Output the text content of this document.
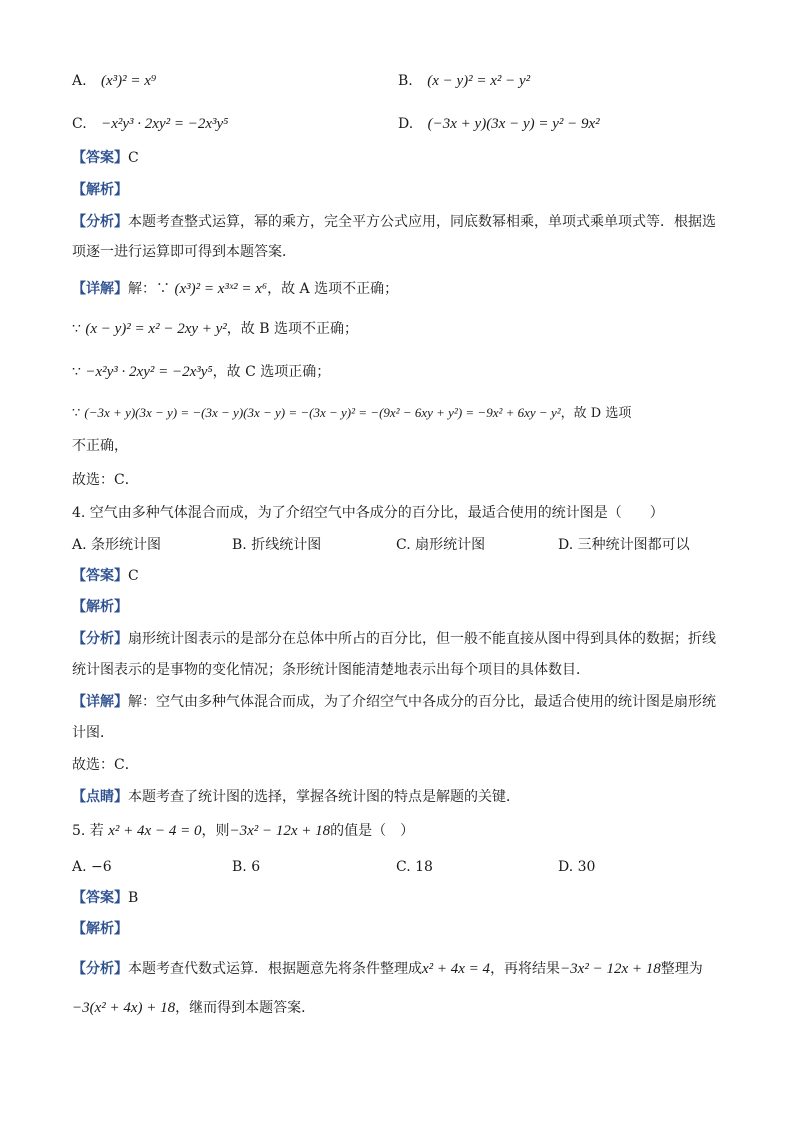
A. (x³)² = x⁹	B. (x − y)² = x² − y²
C. −x²y³ · 2xy² = −2x³y⁵	D. (−3x + y)(3x − y) = y² − 9x²
【答案】C
【解析】
【分析】本题考查整式运算，幂的乘方，完全平方公式应用，同底数幂相乘，单项式乘单项式等．根据选
项逐一进行运算即可得到本题答案．
【详解】解：∵ (x³)² = x³ˣ² = x⁶，故 A 选项不正确；
∵ (x − y)² = x² − 2xy + y²，故 B 选项不正确；
∵ −x²y³ · 2xy² = −2x³y⁵，故 C 选项正确；
∵ (−3x + y)(3x − y) = −(3x − y)(3x − y) = −(3x − y)² = −(9x² − 6xy + y²) = −9x² + 6xy − y²，故 D 选项
不正确，
故选：C．
4. 空气由多种气体混合而成，为了介绍空气中各成分的百分比，最适合使用的统计图是（　　）
A. 条形统计图	B. 折线统计图	C. 扇形统计图	D. 三种统计图都可以
【答案】C
【解析】
【分析】扇形统计图表示的是部分在总体中所占的百分比，但一般不能直接从图中得到具体的数据；折线
统计图表示的是事物的变化情况；条形统计图能清楚地表示出每个项目的具体数目．
【详解】解：空气由多种气体混合而成，为了介绍空气中各成分的百分比，最适合使用的统计图是扇形统
计图．
故选：C．
【点睛】本题考查了统计图的选择，掌握各统计图的特点是解题的关键．
5. 若 x² + 4x − 4 = 0，则−3x² − 12x + 18的值是（　）
A. −6	B. 6	C. 18	D. 30
【答案】B
【解析】
【分析】本题考查代数式运算．根据题意先将条件整理成x² + 4x = 4，再将结果−3x² − 12x + 18整理为
−3(x² + 4x) + 18，继而得到本题答案．
